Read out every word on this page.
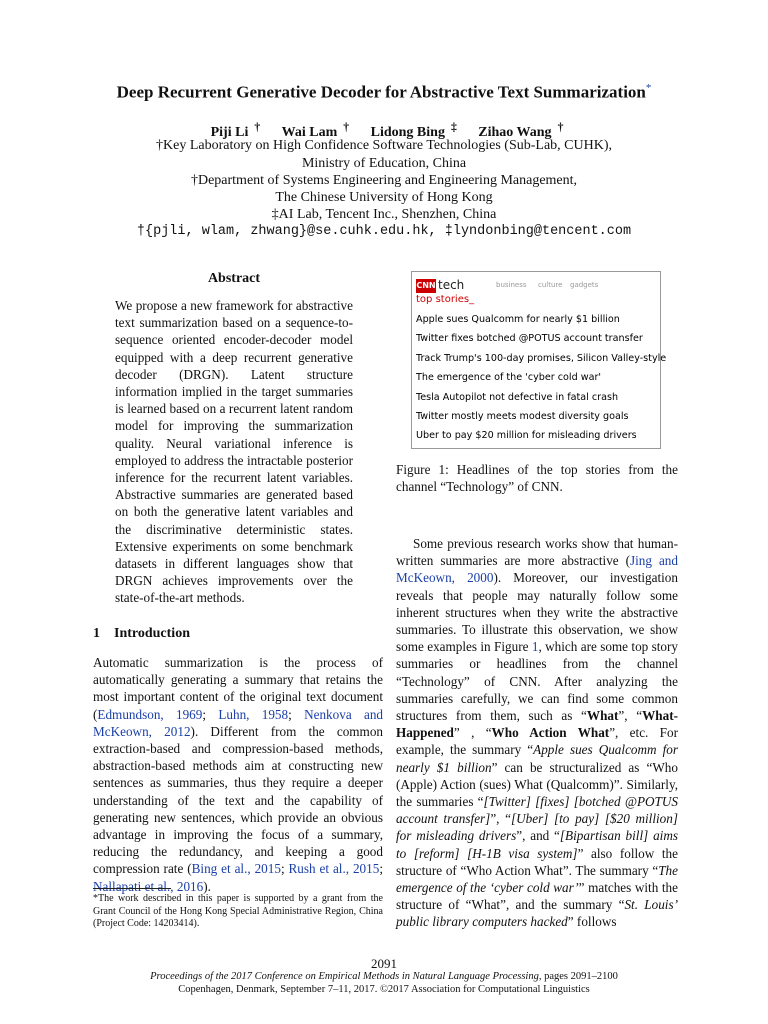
Deep Recurrent Generative Decoder for Abstractive Text Summarization*
Piji Li † Wai Lam † Lidong Bing ‡ Zihao Wang †
†Key Laboratory on High Confidence Software Technologies (Sub-Lab, CUHK),
Ministry of Education, China
†Department of Systems Engineering and Engineering Management,
The Chinese University of Hong Kong
‡AI Lab, Tencent Inc., Shenzhen, China
†{pjli, wlam, zhwang}@se.cuhk.edu.hk, ‡lyndonbing@tencent.com
Abstract
We propose a new framework for abstractive text summarization based on a sequence-to-sequence oriented encoder-decoder model equipped with a deep recurrent generative decoder (DRGN). Latent structure information implied in the target summaries is learned based on a recurrent latent random model for improving the summarization quality. Neural variational inference is employed to address the intractable posterior inference for the recurrent latent variables. Abstractive summaries are generated based on both the generative latent variables and the discriminative deterministic states. Extensive experiments on some benchmark datasets in different languages show that DRGN achieves improvements over the state-of-the-art methods.
1 Introduction
Automatic summarization is the process of automatically generating a summary that retains the most important content of the original text document (Edmundson, 1969; Luhn, 1958; Nenkova and McKeown, 2012). Different from the common extraction-based and compression-based methods, abstraction-based methods aim at constructing new sentences as summaries, thus they require a deeper understanding of the text and the capability of generating new sentences, which provide an obvious advantage in improving the focus of a summary, reducing the redundancy, and keeping a good compression rate (Bing et al., 2015; Rush et al., 2015; Nallapati et al., 2016).
*The work described in this paper is supported by a grant from the Grant Council of the Hong Kong Special Administrative Region, China (Project Code: 14203414).
CNN tech	business culture gadgets
top stories_
Apple sues Qualcomm for nearly $1 billion
Twitter fixes botched @POTUS account transfer
Track Trump's 100-day promises, Silicon Valley-style
The emergence of the 'cyber cold war'
Tesla Autopilot not defective in fatal crash
Twitter mostly meets modest diversity goals
Uber to pay $20 million for misleading drivers
Figure 1: Headlines of the top stories from the channel “Technology” of CNN.
Some previous research works show that human-written summaries are more abstractive (Jing and McKeown, 2000). Moreover, our investigation reveals that people may naturally follow some inherent structures when they write the abstractive summaries. To illustrate this observation, we show some examples in Figure 1, which are some top story summaries or headlines from the channel “Technology” of CNN. After analyzing the summaries carefully, we can find some common structures from them, such as “What”, “What-Happened” , “Who Action What”, etc. For example, the summary “Apple sues Qualcomm for nearly $1 billion” can be structuralized as “Who (Apple) Action (sues) What (Qualcomm)”. Similarly, the summaries “[Twitter] [fixes] [botched @POTUS account transfer]”, “[Uber] [to pay] [$20 million] for misleading drivers”, and “[Bipartisan bill] aims to [reform] [H-1B visa system]” also follow the structure of “Who Action What”. The summary “The emergence of the ‘cyber cold war’” matches with the structure of “What”, and the summary “St. Louis’ public library computers hacked” follows
2091
Proceedings of the 2017 Conference on Empirical Methods in Natural Language Processing, pages 2091–2100
Copenhagen, Denmark, September 7–11, 2017. ©2017 Association for Computational Linguistics
